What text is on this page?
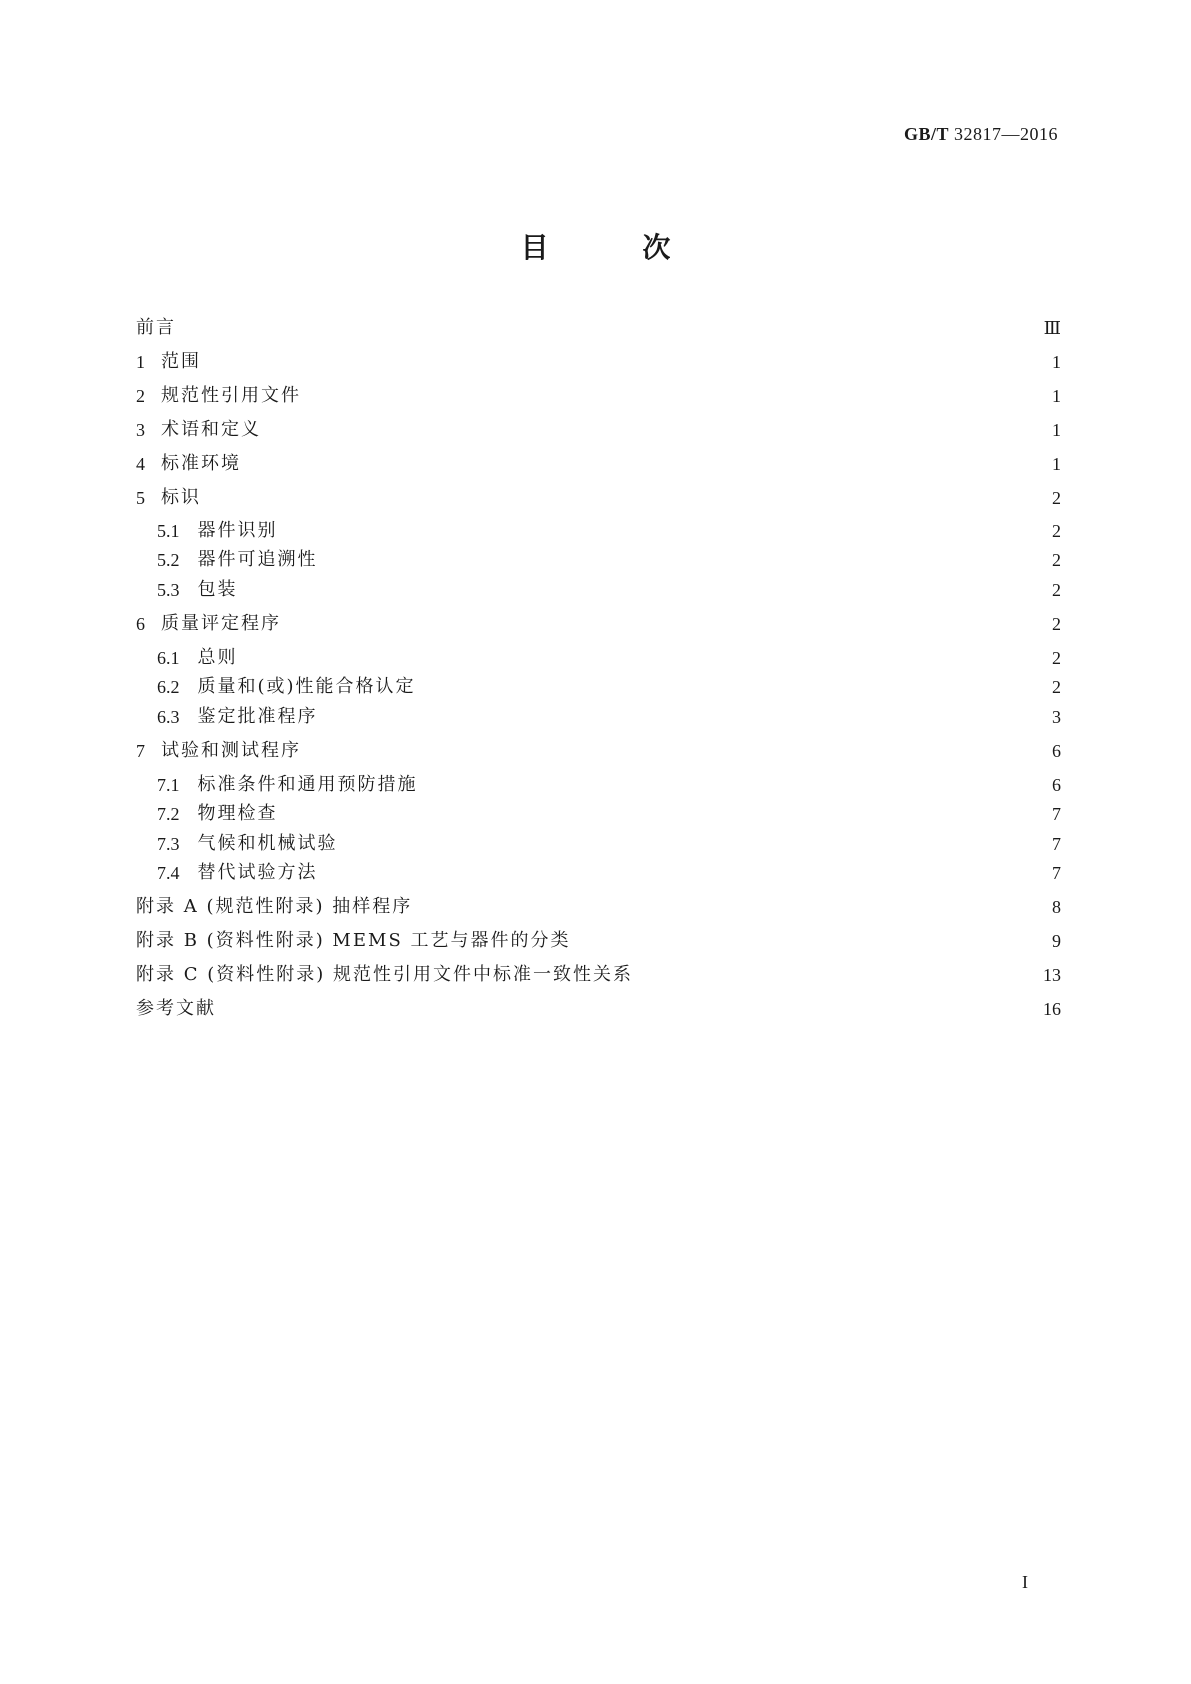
GB/T 32817—2016
目 次
前言	Ⅲ
1 范围	1
2 规范性引用文件	1
3 术语和定义	1
4 标准环境	1
5 标识	2
5.1 器件识别	2
5.2 器件可追溯性	2
5.3 包装	2
6 质量评定程序	2
6.1 总则	2
6.2 质量和(或)性能合格认定	2
6.3 鉴定批准程序	3
7 试验和测试程序	6
7.1 标准条件和通用预防措施	6
7.2 物理检查	7
7.3 气候和机械试验	7
7.4 替代试验方法	7
附录 A (规范性附录) 抽样程序	8
附录 B (资料性附录) MEMS 工艺与器件的分类	9
附录 C (资料性附录) 规范性引用文件中标准一致性关系	13
参考文献	16
I
